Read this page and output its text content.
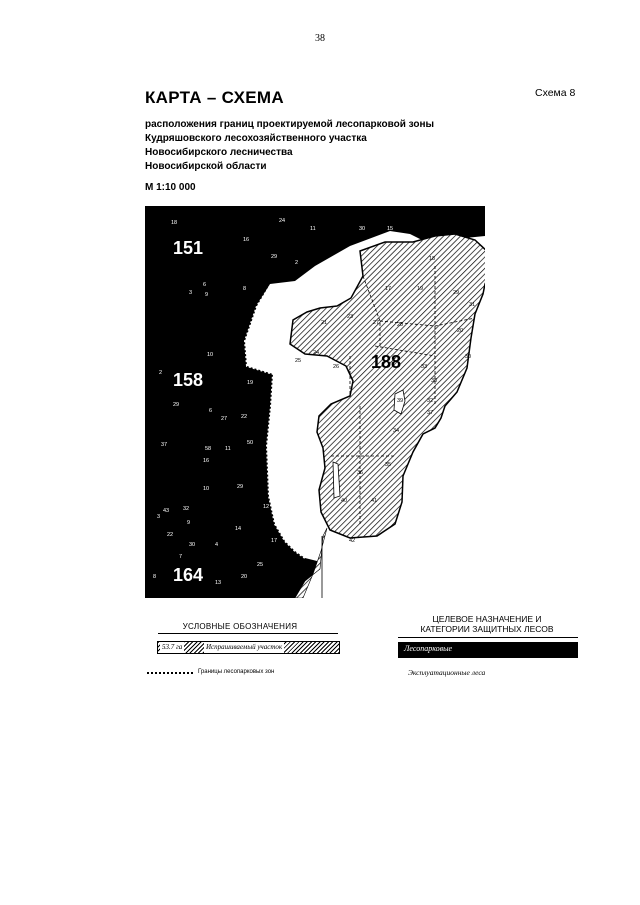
38
КАРТА – СХЕМА	Схема 8
расположения границ проектируемой лесопарковой зоны
Кудряшовского лесохозяйственного участка
Новосибирского лесничества
Новосибирской области
М 1:10 000
151
158
164
188
18	24
11	30	15
16
29
2
6
3 9
8
10
2
19
29
6
22
37
27
58	11
50
16
43	32
10	29
12
14
9
3
22
30
7
4
17
25
8
13
20
18
17	19
20
29
21
23
24
25
26
27	28
33
30
31
32
34
35
36
37
38
39
40	41
42
УСЛОВНЫЕ ОБОЗНАЧЕНИЯ
53.7 га	Испрашиваемый участок
Границы лесопарковых зон
ЦЕЛЕВОЕ НАЗНАЧЕНИЕ И
КАТЕГОРИИ ЗАЩИТНЫХ ЛЕСОВ
Лесопарковые
Эксплуатационные леса
